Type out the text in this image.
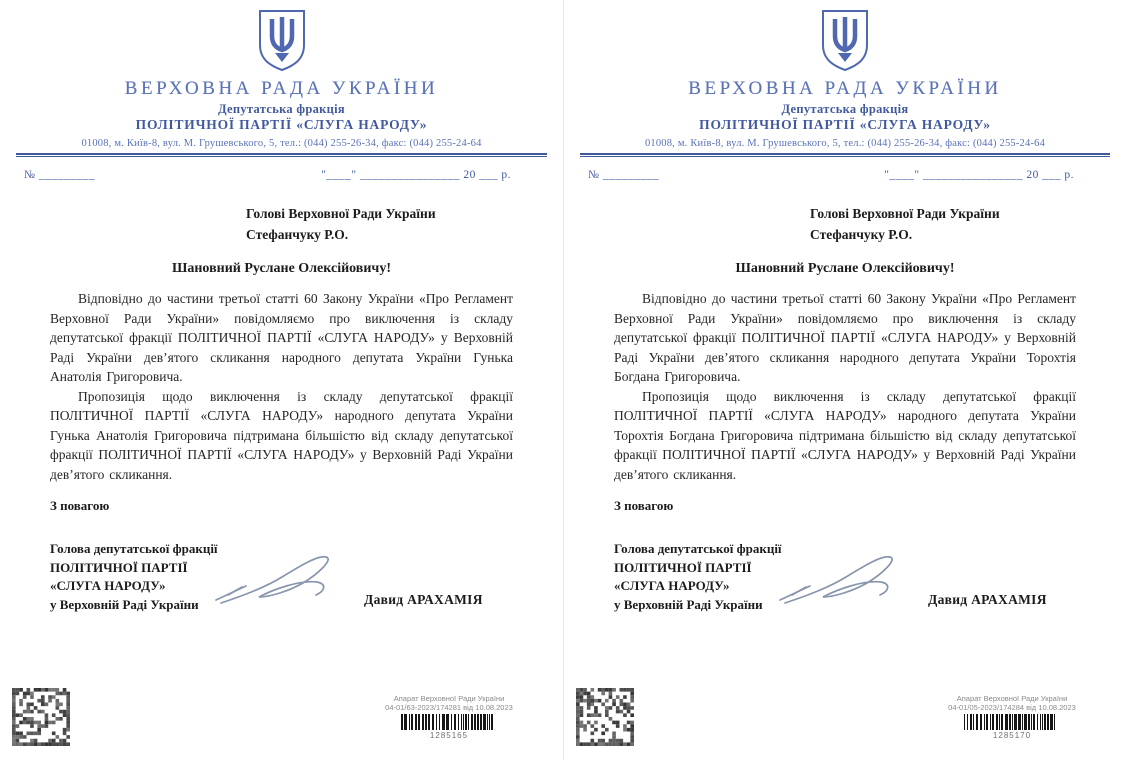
ВЕРХОВНА РАДА УКРАЇНИ
Депутатська фракція
ПОЛІТИЧНОЇ ПАРТІЇ «СЛУГА НАРОДУ»
01008, м. Київ-8, вул. М. Грушевського, 5, тел.: (044) 255-26-34, факс: (044) 255-24-64
№ _________	"____" ________________ 20 ___ р.
Голові Верховної Ради України
Стефанчуку Р.О.
Шановний Руслане Олексійовичу!

Відповідно до частини третьої статті 60 Закону України «Про Регламент Верховної Ради України» повідомляємо про виключення із складу депутатської фракції ПОЛІТИЧНОЇ ПАРТІЇ «СЛУГА НАРОДУ» у Верховній Раді України дев’ятого скликання народного депутата України Гунька Анатолія Григоровича.

Пропозиція щодо виключення із складу депутатської фракції ПОЛІТИЧНОЇ ПАРТІЇ «СЛУГА НАРОДУ» народного депутата України Гунька Анатолія Григоровича підтримана більшістю від складу депутатської фракції ПОЛІТИЧНОЇ ПАРТІЇ «СЛУГА НАРОДУ» у Верховній Раді України дев’ятого скликання.

З повагою
Голова депутатської фракції
ПОЛІТИЧНОЇ ПАРТІЇ
«СЛУГА НАРОДУ»
у Верховній Раді України	Давид АРАХАМІЯ
Апарат Верховної Ради України
04-01/63-2023/174281 від 10.08.2023
1285165
ВЕРХОВНА РАДА УКРАЇНИ
Депутатська фракція
ПОЛІТИЧНОЇ ПАРТІЇ «СЛУГА НАРОДУ»
01008, м. Київ-8, вул. М. Грушевського, 5, тел.: (044) 255-26-34, факс: (044) 255-24-64
№ _________	"____" ________________ 20 ___ р.
Голові Верховної Ради України
Стефанчуку Р.О.
Шановний Руслане Олексійовичу!

Відповідно до частини третьої статті 60 Закону України «Про Регламент Верховної Ради України» повідомляємо про виключення із складу депутатської фракції ПОЛІТИЧНОЇ ПАРТІЇ «СЛУГА НАРОДУ» у Верховній Раді України дев’ятого скликання народного депутата України Торохтія Богдана Григоровича.

Пропозиція щодо виключення із складу депутатської фракції ПОЛІТИЧНОЇ ПАРТІЇ «СЛУГА НАРОДУ» народного депутата України Торохтія Богдана Григоровича підтримана більшістю від складу депутатської фракції ПОЛІТИЧНОЇ ПАРТІЇ «СЛУГА НАРОДУ» у Верховній Раді України дев’ятого скликання.

З повагою
Голова депутатської фракції
ПОЛІТИЧНОЇ ПАРТІЇ
«СЛУГА НАРОДУ»
у Верховній Раді України	Давид АРАХАМІЯ
Апарат Верховної Ради України
04-01/05-2023/174284 від 10.08.2023
1285170
